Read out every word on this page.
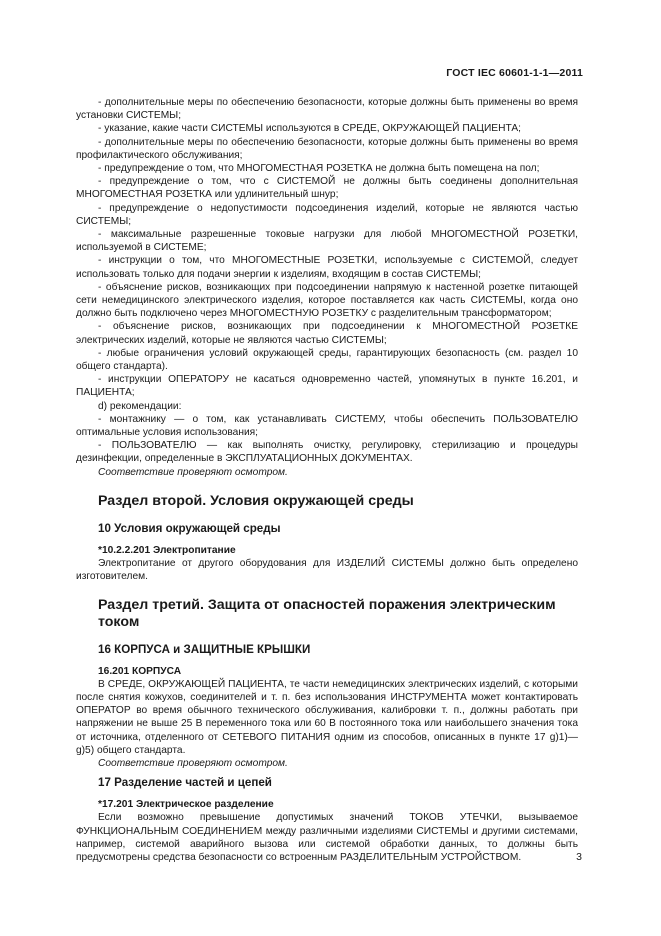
ГОСТ IEC 60601-1-1—2011

- дополнительные меры по обеспечению безопасности, которые должны быть применены во время установки СИСТЕМЫ;

- указание, какие части СИСТЕМЫ используются в СРЕДЕ, ОКРУЖАЮЩЕЙ ПАЦИЕНТА;

- дополнительные меры по обеспечению безопасности, которые должны быть применены во время профилактического обслуживания;

- предупреждение о том, что МНОГОМЕСТНАЯ РОЗЕТКА не должна быть помещена на пол;

- предупреждение о том, что с СИСТЕМОЙ не должны быть соединены дополнительная МНОГОМЕСТНАЯ РОЗЕТКА или удлинительный шнур;

- предупреждение о недопустимости подсоединения изделий, которые не являются частью СИСТЕМЫ;

- максимальные разрешенные токовые нагрузки для любой МНОГОМЕСТНОЙ РОЗЕТКИ, используемой в СИСТЕМЕ;

- инструкции о том, что МНОГОМЕСТНЫЕ РОЗЕТКИ, используемые с СИСТЕМОЙ, следует использовать только для подачи энергии к изделиям, входящим в состав СИСТЕМЫ;

- объяснение рисков, возникающих при подсоединении напрямую к настенной розетке питающей сети немедицинского электрического изделия, которое поставляется как часть СИСТЕМЫ, когда оно должно быть подключено через МНОГОМЕСТНУЮ РОЗЕТКУ с разделительным трансформатором;

- объяснение рисков, возникающих при подсоединении к МНОГОМЕСТНОЙ РОЗЕТКЕ электрических изделий, которые не являются частью СИСТЕМЫ;

- любые ограничения условий окружающей среды, гарантирующих безопасность (см. раздел 10 общего стандарта).

- инструкции ОПЕРАТОРУ не касаться одновременно частей, упомянутых в пункте 16.201, и ПАЦИЕНТА;

d) рекомендации:

- монтажнику — о том, как устанавливать СИСТЕМУ, чтобы обеспечить ПОЛЬЗОВАТЕЛЮ оптимальные условия использования;

- ПОЛЬЗОВАТЕЛЮ — как выполнять очистку, регулировку, стерилизацию и процедуры дезинфекции, определенные в ЭКСПЛУАТАЦИОННЫХ ДОКУМЕНТАХ.

Соответствие проверяют осмотром.

Раздел второй. Условия окружающей среды
10 Условия окружающей среды

*10.2.2.201 Электропитание

Электропитание от другого оборудования для ИЗДЕЛИЙ СИСТЕМЫ должно быть определено изготовителем.

Раздел третий. Защита от опасностей поражения электрическим током
16 КОРПУСА и ЗАЩИТНЫЕ КРЫШКИ

16.201 КОРПУСА

В СРЕДЕ, ОКРУЖАЮЩЕЙ ПАЦИЕНТА, те части немедицинских электрических изделий, с которыми после снятия кожухов, соединителей и т. п. без использования ИНСТРУМЕНТА может контактировать ОПЕРАТОР во время обычного технического обслуживания, калибровки т. п., должны работать при напряжении не выше 25 В переменного тока или 60 В постоянного тока или наибольшего значения тока от источника, отделенного от СЕТЕВОГО ПИТАНИЯ одним из способов, описанных в пункте 17 g)1)—g)5) общего стандарта.

Соответствие проверяют осмотром.

17 Разделение частей и цепей

*17.201 Электрическое разделение

Если возможно превышение допустимых значений ТОКОВ УТЕЧКИ, вызываемое ФУНКЦИОНАЛЬНЫМ СОЕДИНЕНИЕМ между различными изделиями СИСТЕМЫ и другими системами, например, системой аварийного вызова или системой обработки данных, то должны быть предусмотрены средства безопасности со встроенным РАЗДЕЛИТЕЛЬНЫМ УСТРОЙСТВОМ.	3
